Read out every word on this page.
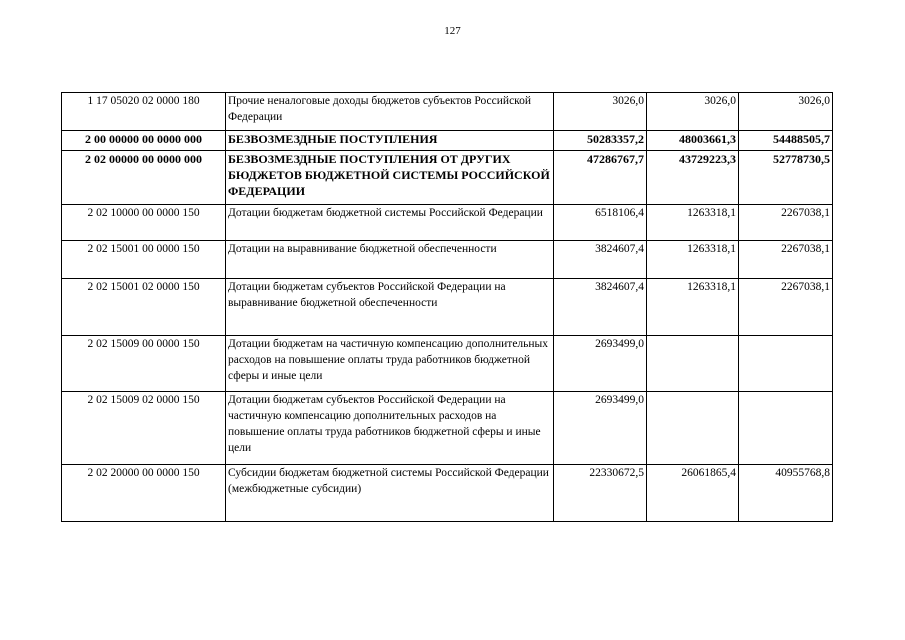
127
1 17 05020 02 0000 180	Прочие неналоговые доходы бюджетов субъектов Российской Федерации	3026,0	3026,0	3026,0
2 00 00000 00 0000 000	БЕЗВОЗМЕЗДНЫЕ ПОСТУПЛЕНИЯ	50283357,2	48003661,3	54488505,7
2 02 00000 00 0000 000	БЕЗВОЗМЕЗДНЫЕ ПОСТУПЛЕНИЯ ОТ ДРУГИХ БЮДЖЕТОВ БЮДЖЕТНОЙ СИСТЕМЫ РОССИЙСКОЙ ФЕДЕРАЦИИ	47286767,7	43729223,3	52778730,5
2 02 10000 00 0000 150	Дотации бюджетам бюджетной системы Российской Федерации	6518106,4	1263318,1	2267038,1
2 02 15001 00 0000 150	Дотации на выравнивание бюджетной обеспеченности	3824607,4	1263318,1	2267038,1
2 02 15001 02 0000 150	Дотации бюджетам субъектов Российской Федерации на выравнивание бюджетной обеспеченности	3824607,4	1263318,1	2267038,1
2 02 15009 00 0000 150	Дотации бюджетам на частичную компенсацию дополнительных расходов на повышение оплаты труда работников бюджетной сферы и иные цели	2693499,0		
2 02 15009 02 0000 150	Дотации бюджетам субъектов Российской Федерации на частичную компенсацию дополнительных расходов на повышение оплаты труда работников бюджетной сферы и иные цели	2693499,0		
2 02 20000 00 0000 150	Субсидии бюджетам бюджетной системы Российской Федерации (межбюджетные субсидии)	22330672,5	26061865,4	40955768,8
